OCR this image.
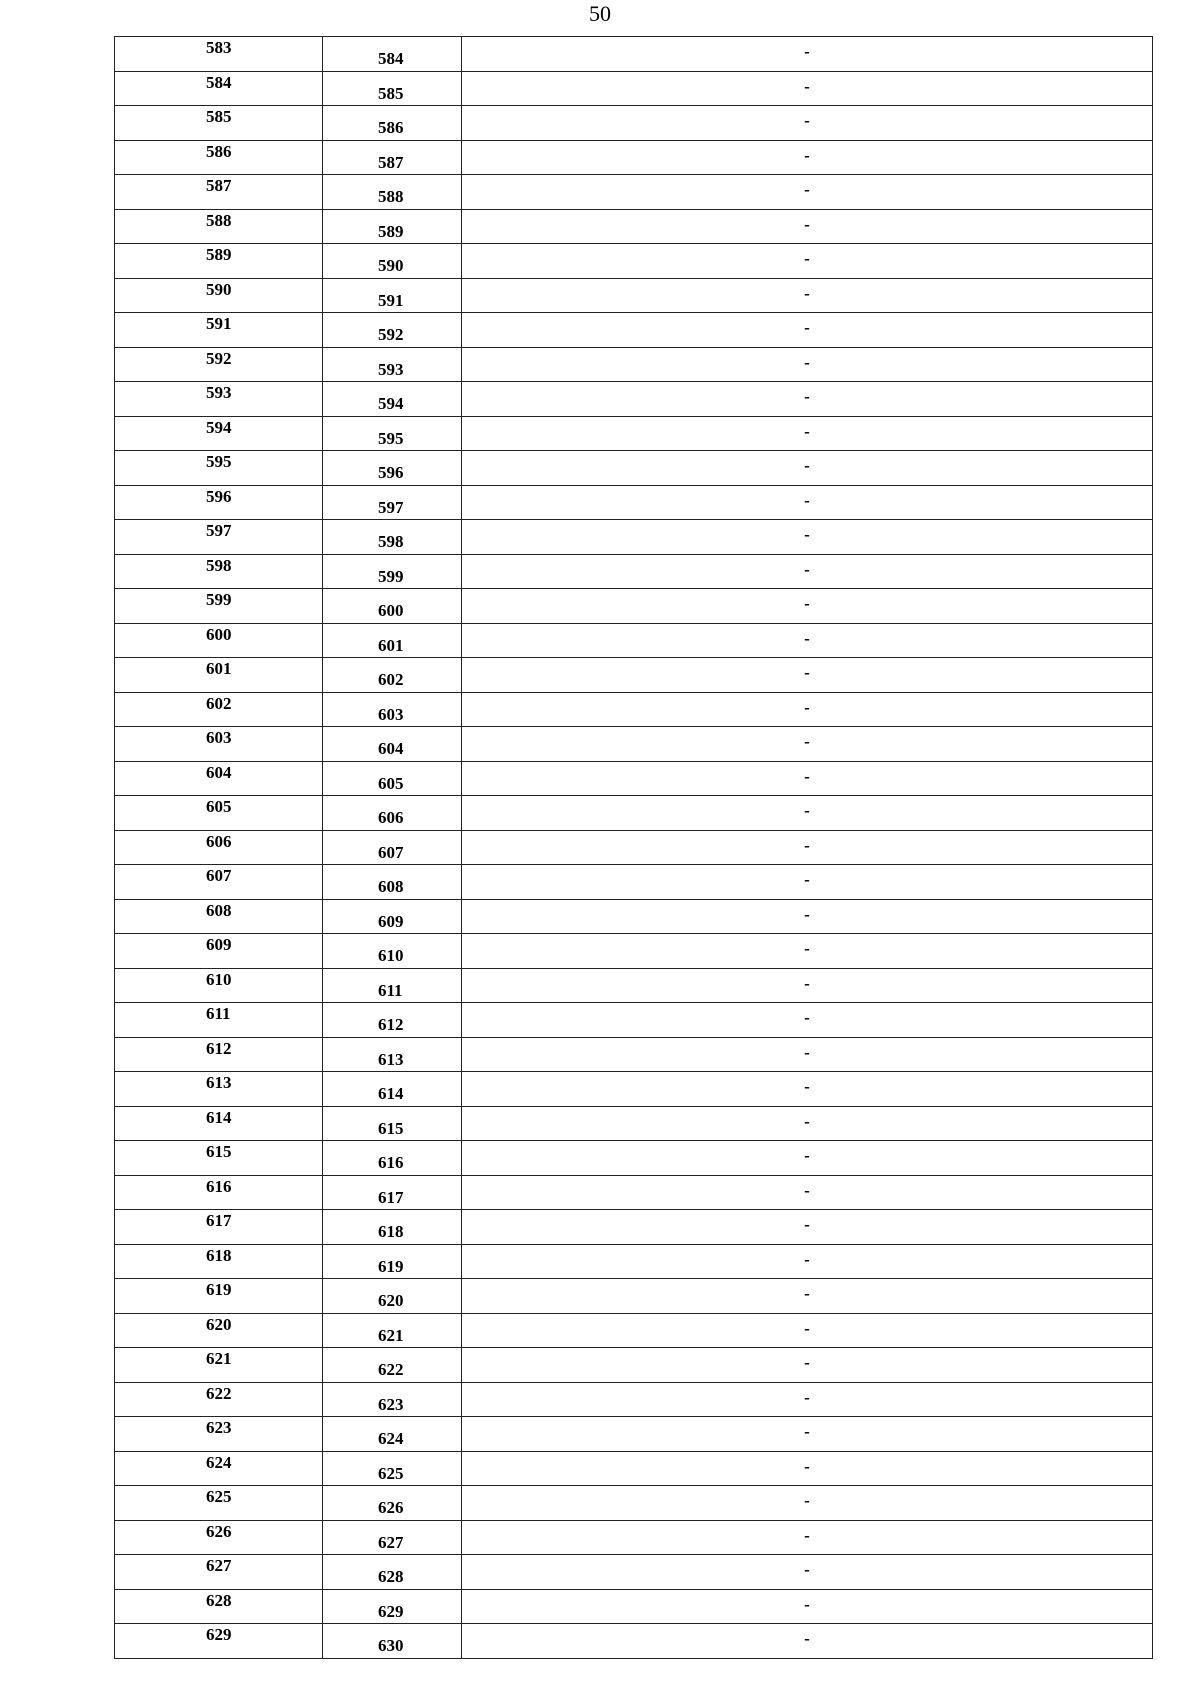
50
583	584	-

584	585	-

585	586	-

586	587	-

587	588	-

588	589	-

589	590	-

590	591	-

591	592	-

592	593	-

593	594	-

594	595	-

595	596	-

596	597	-

597	598	-

598	599	-

599	600	-

600	601	-

601	602	-

602	603	-

603	604	-

604	605	-

605	606	-

606	607	-

607	608	-

608	609	-

609	610	-

610	611	-

611	612	-

612	613	-

613	614	-

614	615	-

615	616	-

616	617	-

617	618	-

618	619	-

619	620	-

620	621	-

621	622	-

622	623	-

623	624	-

624	625	-

625	626	-

626	627	-

627	628	-

628	629	-

629	630	-
